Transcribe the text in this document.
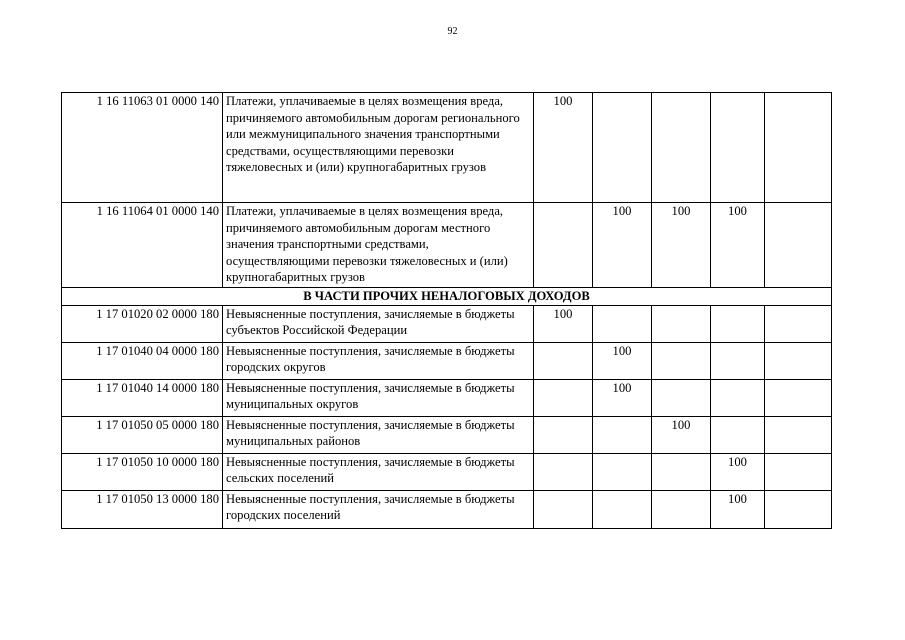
92
1 16 11063 01 0000 140	Платежи, уплачиваемые в целях возмещения вреда, причиняемого автомобильным дорогам регионального или межмуниципального значения транспортными средствами, осуществляющими перевозки тяжеловесных и (или) крупногабаритных грузов	100				
1 16 11064 01 0000 140	Платежи, уплачиваемые в целях возмещения вреда, причиняемого автомобильным дорогам местного значения транспортными средствами, осуществляющими перевозки тяжеловесных и (или) крупногабаритных грузов		100	100	100	
В ЧАСТИ ПРОЧИХ НЕНАЛОГОВЫХ ДОХОДОВ						
1 17 01020 02 0000 180	Невыясненные поступления, зачисляемые в бюджеты субъектов Российской Федерации	100				
1 17 01040 04 0000 180	Невыясненные поступления, зачисляемые в бюджеты городских округов		100			
1 17 01040 14 0000 180	Невыясненные поступления, зачисляемые в бюджеты муниципальных округов		100			
1 17 01050 05 0000 180	Невыясненные поступления, зачисляемые в бюджеты муниципальных районов			100		
1 17 01050 10 0000 180	Невыясненные поступления, зачисляемые в бюджеты сельских поселений				100	
1 17 01050 13 0000 180	Невыясненные поступления, зачисляемые в бюджеты городских поселений				100	
